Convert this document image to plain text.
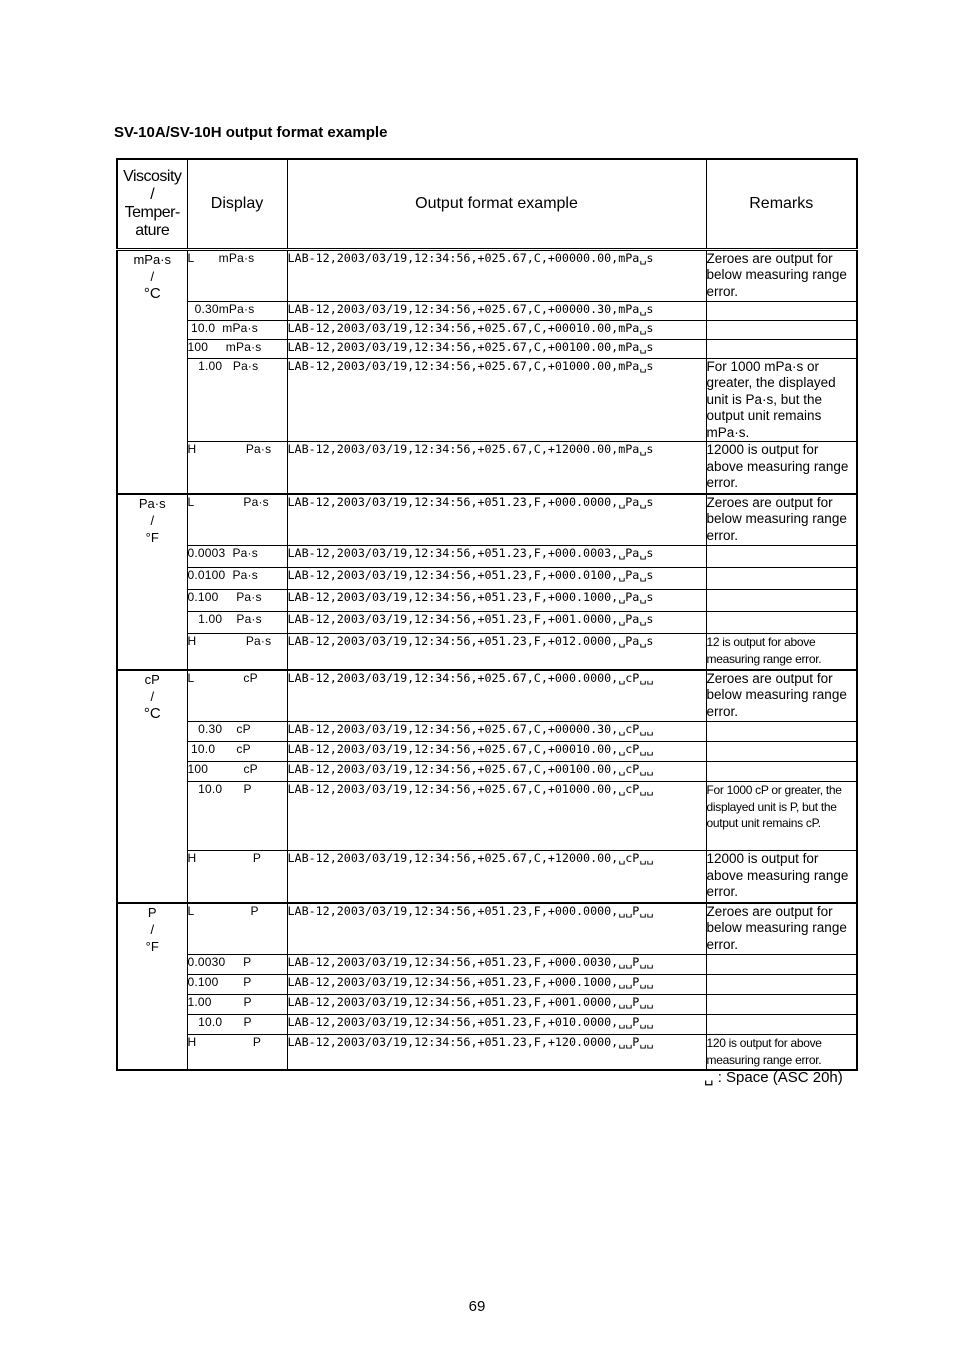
SV-10A/SV-10H output format example
Viscosity
/
Temper-
ature	Display	Output format example	Remarks

mPa·s
/
°C	L       mPa·s	LAB-12,2003/03/19,12:34:56,+025.67,C,+00000.00,mPa␣s	Zeroes are output for below measuring range error.
	0.30mPa·s	LAB-12,2003/03/19,12:34:56,+025.67,C,+00000.30,mPa␣s	
	10.0  mPa·s	LAB-12,2003/03/19,12:34:56,+025.67,C,+00010.00,mPa␣s	
	100     mPa·s	LAB-12,2003/03/19,12:34:56,+025.67,C,+00100.00,mPa␣s	
	1.00   Pa·s	LAB-12,2003/03/19,12:34:56,+025.67,C,+01000.00,mPa␣s	For 1000 mPa·s or greater, the displayed unit is Pa·s, but the output unit remains mPa·s.
	H              Pa·s	LAB-12,2003/03/19,12:34:56,+025.67,C,+12000.00,mPa␣s	12000 is output for above measuring range error.

Pa·s
/
°F	L              Pa·s	LAB-12,2003/03/19,12:34:56,+051.23,F,+000.0000,␣Pa␣s	Zeroes are output for below measuring range error.
	0.0003  Pa·s	LAB-12,2003/03/19,12:34:56,+051.23,F,+000.0003,␣Pa␣s	
	0.0100  Pa·s	LAB-12,2003/03/19,12:34:56,+051.23,F,+000.0100,␣Pa␣s	
	0.100     Pa·s	LAB-12,2003/03/19,12:34:56,+051.23,F,+000.1000,␣Pa␣s	
	1.00    Pa·s	LAB-12,2003/03/19,12:34:56,+051.23,F,+001.0000,␣Pa␣s	
	H              Pa·s	LAB-12,2003/03/19,12:34:56,+051.23,F,+012.0000,␣Pa␣s	12 is output for above measuring range error.

cP
/
°C	L              cP	LAB-12,2003/03/19,12:34:56,+025.67,C,+000.0000,␣cP␣␣	Zeroes are output for below measuring range error.
	0.30    cP	LAB-12,2003/03/19,12:34:56,+025.67,C,+00000.30,␣cP␣␣	
	10.0      cP	LAB-12,2003/03/19,12:34:56,+025.67,C,+00010.00,␣cP␣␣	
	100          cP	LAB-12,2003/03/19,12:34:56,+025.67,C,+00100.00,␣cP␣␣	
	10.0      P	LAB-12,2003/03/19,12:34:56,+025.67,C,+01000.00,␣cP␣␣	For 1000 cP or greater, the displayed unit is P, but the output unit remains cP.
	H                P	LAB-12,2003/03/19,12:34:56,+025.67,C,+12000.00,␣cP␣␣	12000 is output for above measuring range error.

P
/
°F	L                P	LAB-12,2003/03/19,12:34:56,+051.23,F,+000.0000,␣␣P␣␣	Zeroes are output for below measuring range error.
	0.0030     P	LAB-12,2003/03/19,12:34:56,+051.23,F,+000.0030,␣␣P␣␣	
	0.100       P	LAB-12,2003/03/19,12:34:56,+051.23,F,+000.1000,␣␣P␣␣	
	1.00         P	LAB-12,2003/03/19,12:34:56,+051.23,F,+001.0000,␣␣P␣␣	
	10.0      P	LAB-12,2003/03/19,12:34:56,+051.23,F,+010.0000,␣␣P␣␣	
	H                P	LAB-12,2003/03/19,12:34:56,+051.23,F,+120.0000,␣␣P␣␣	120 is output for above measuring range error.
␣ : Space (ASC 20h)
69
